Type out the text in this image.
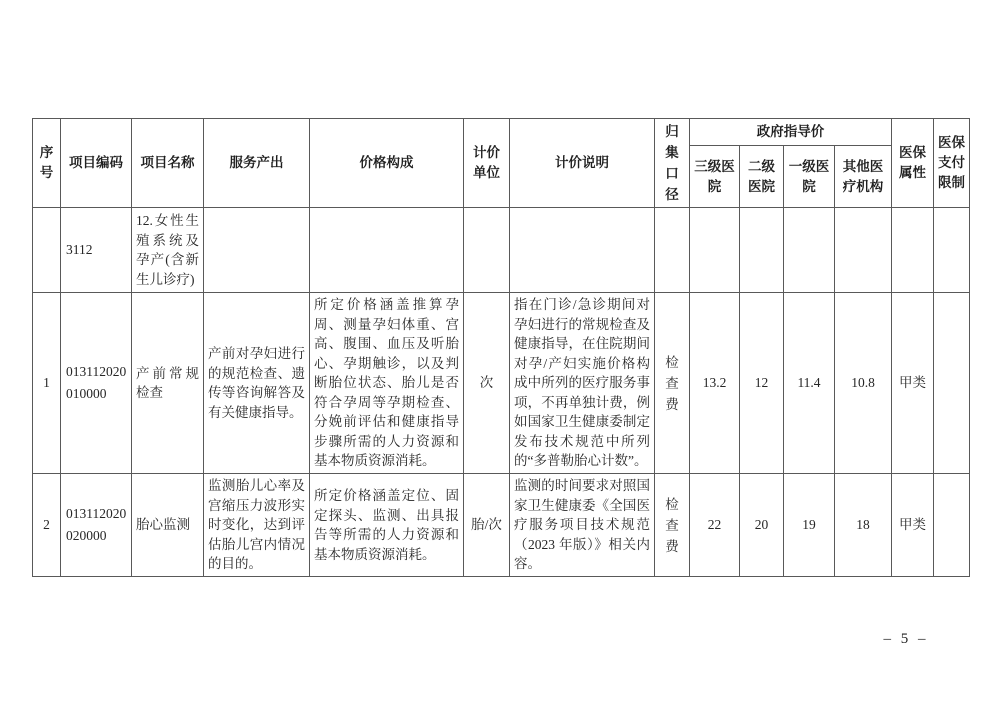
序号	项目编码	项目名称	服务产出	价格构成	计价单位	计价说明	归集口径	政府指导价				医保属性	医保支付限制
								三级医院	二级医院	一级医院	其他医疗机构		
	3112	12.女性生殖系统及孕产(含新生儿诊疗)											
1	013112020010000	产前常规检查	产前对孕妇进行的规范检查、遗传等咨询解答及有关健康指导。	所定价格涵盖推算孕周、测量孕妇体重、宫高、腹围、血压及听胎心、孕期触诊，以及判断胎位状态、胎儿是否符合孕周等孕期检查、分娩前评估和健康指导步骤所需的人力资源和基本物质资源消耗。	次	指在门诊/急诊期间对孕妇进行的常规检查及健康指导，在住院期间对孕/产妇实施价格构成中所列的医疗服务事项，不再单独计费，例如国家卫生健康委制定发布技术规范中所列的“多普勒胎心计数”。	检查费	13.2	12	11.4	10.8	甲类	
2	013112020020000	胎心监测	监测胎儿心率及宫缩压力波形实时变化，达到评估胎儿宫内情况的目的。	所定价格涵盖定位、固定探头、监测、出具报告等所需的人力资源和基本物质资源消耗。	胎/次	监测的时间要求对照国家卫生健康委《全国医疗服务项目技术规范（2023 年版）》相关内容。	检查费	22	20	19	18	甲类	
– 5 –
